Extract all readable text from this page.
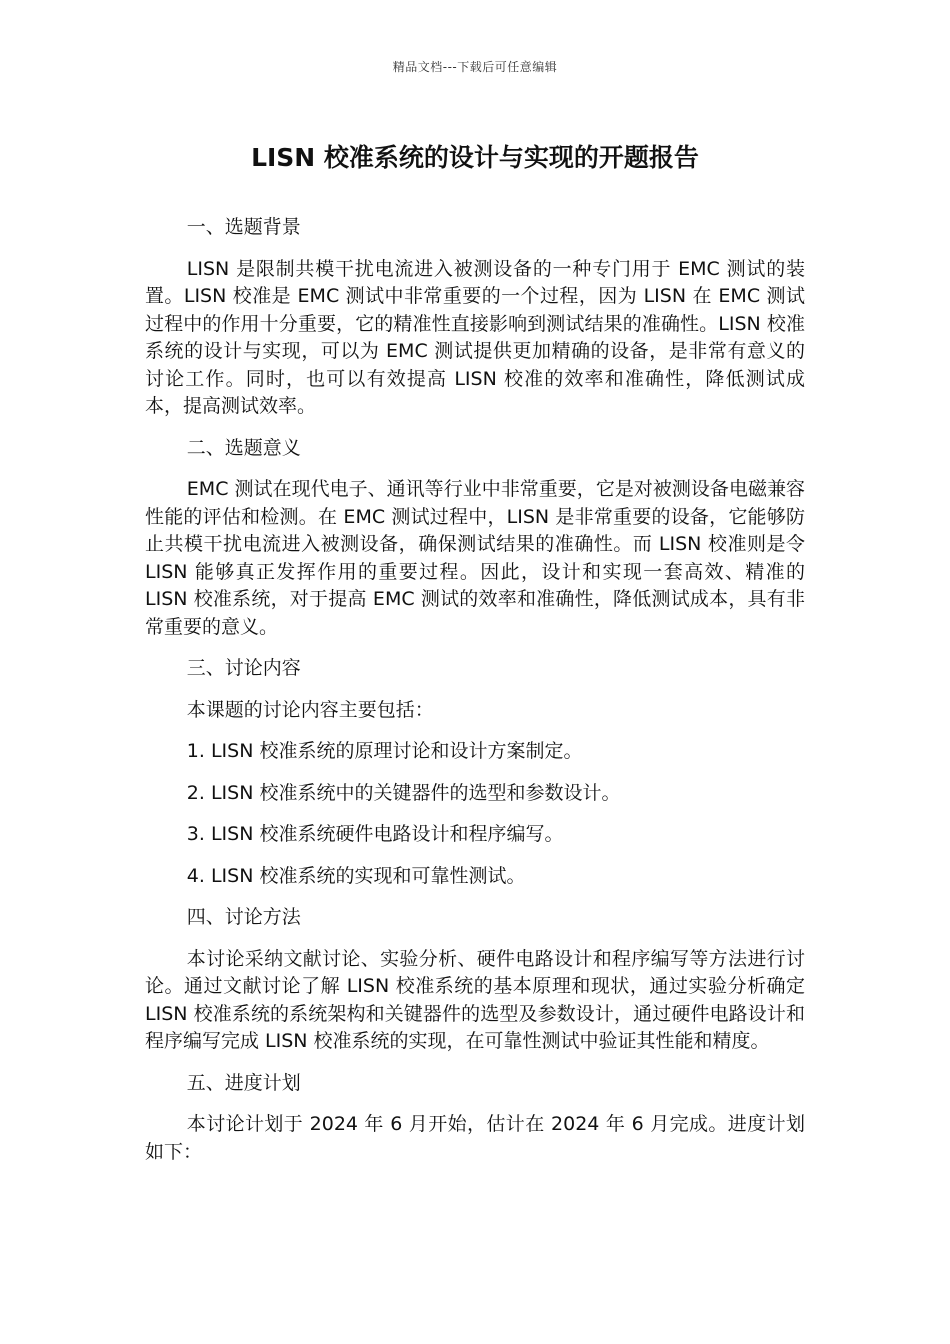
精品文档---下载后可任意编辑
LISN 校准系统的设计与实现的开题报告

一、选题背景

LISN 是限制共模干扰电流进入被测设备的一种专门用于 EMC 测试的装置。LISN 校准是 EMC 测试中非常重要的一个过程，因为 LISN 在 EMC 测试过程中的作用十分重要，它的精准性直接影响到测试结果的准确性。LISN 校准系统的设计与实现，可以为 EMC 测试提供更加精确的设备，是非常有意义的讨论工作。同时，也可以有效提高 LISN 校准的效率和准确性，降低测试成本，提高测试效率。

二、选题意义

EMC 测试在现代电子、通讯等行业中非常重要，它是对被测设备电磁兼容性能的评估和检测。在 EMC 测试过程中，LISN 是非常重要的设备，它能够防止共模干扰电流进入被测设备，确保测试结果的准确性。而 LISN 校准则是令 LISN 能够真正发挥作用的重要过程。因此，设计和实现一套高效、精准的 LISN 校准系统，对于提高 EMC 测试的效率和准确性，降低测试成本，具有非常重要的意义。

三、讨论内容

本课题的讨论内容主要包括：

1. LISN 校准系统的原理讨论和设计方案制定。

2. LISN 校准系统中的关键器件的选型和参数设计。

3. LISN 校准系统硬件电路设计和程序编写。

4. LISN 校准系统的实现和可靠性测试。

四、讨论方法

本讨论采纳文献讨论、实验分析、硬件电路设计和程序编写等方法进行讨论。通过文献讨论了解 LISN 校准系统的基本原理和现状，通过实验分析确定 LISN 校准系统的系统架构和关键器件的选型及参数设计，通过硬件电路设计和程序编写完成 LISN 校准系统的实现，在可靠性测试中验证其性能和精度。

五、进度计划

本讨论计划于 2024 年 6 月开始，估计在 2024 年 6 月完成。进度计划如下：
